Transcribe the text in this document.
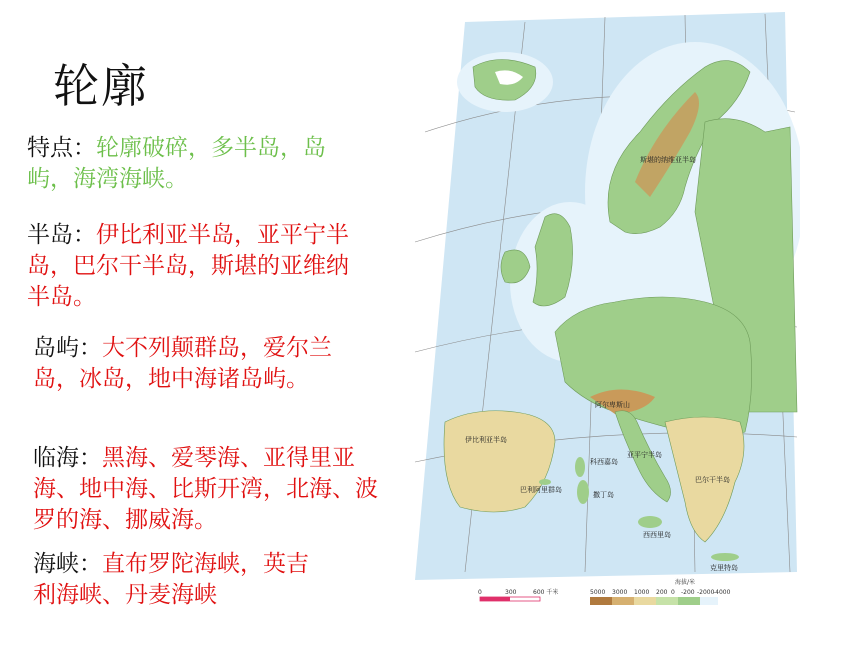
轮廓
特点：轮廓破碎，多半岛，岛屿，海湾海峡。
半岛：伊比利亚半岛，亚平宁半岛，巴尔干半岛，斯堪的亚维纳半岛。
岛屿：大不列颠群岛，爱尔兰岛，冰岛，地中海诸岛屿。
临海：黑海、爱琴海、亚得里亚海、地中海、比斯开湾，北海、波罗的海、挪威海。
海峡：直布罗陀海峡，英吉利海峡、丹麦海峡
伊比利亚半岛
巴尔干半岛
亚平宁半岛
阿尔卑斯山
斯堪的纳维亚半岛
巴利阿里群岛
科西嘉岛
撒丁岛
西西里岛
克里特岛
0	300	600 千米
海拔/米
5000 3000 1000 200 0 -200 -2000
-4000
